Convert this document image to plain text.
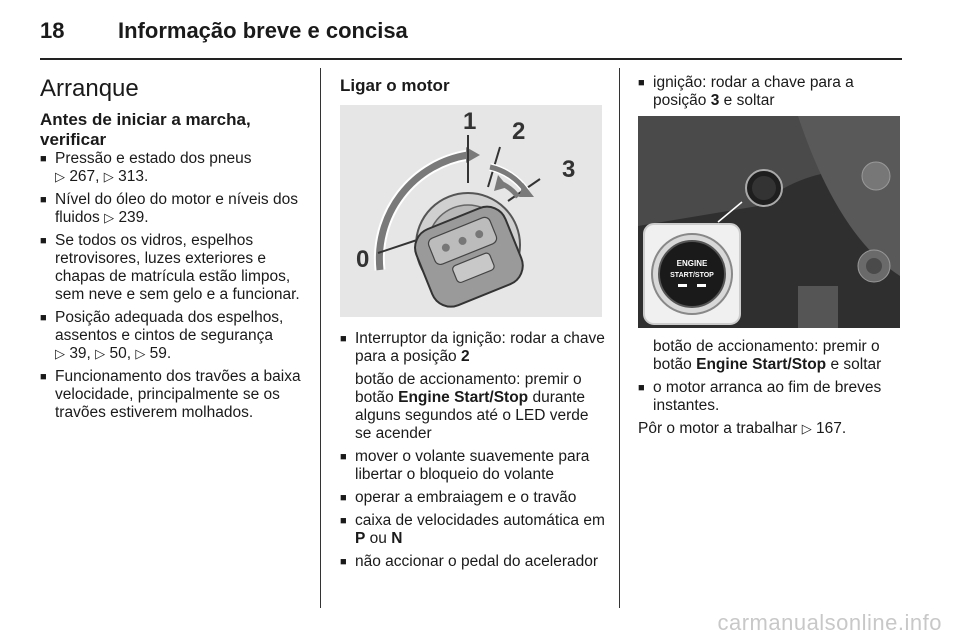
18 Informação breve e concisa
Arranque
Antes de iniciar a marcha, verificar
■ Pressão e estado dos pneus
▷ 267, ▷ 313.
■ Nível do óleo do motor e níveis dos fluidos ▷ 239.
■ Se todos os vidros, espelhos retrovisores, luzes exteriores e chapas de matrícula estão limpos, sem neve e sem gelo e a funcionar.
■ Posição adequada dos espelhos, assentos e cintos de segurança
▷ 39, ▷ 50, ▷ 59.
■ Funcionamento dos travões a baixa velocidade, principalmente se os travões estiverem molhados.
Ligar o motor
1 2
3
0
■ Interruptor da ignição: rodar a chave para a posição 2
botão de accionamento: premir o botão Engine Start/Stop durante alguns segundos até o LED verde se acender
■ mover o volante suavemente para libertar o bloqueio do volante
■ operar a embraiagem e o travão
■ caixa de velocidades automática em P ou N
■ não accionar o pedal do acelerador
■ ignição: rodar a chave para a posição 3 e soltar
ENGINE
START/STOP
botão de accionamento: premir o botão Engine Start/Stop e soltar
■ o motor arranca ao fim de breves instantes.
Pôr o motor a trabalhar ▷ 167.
carmanualsonline.info
